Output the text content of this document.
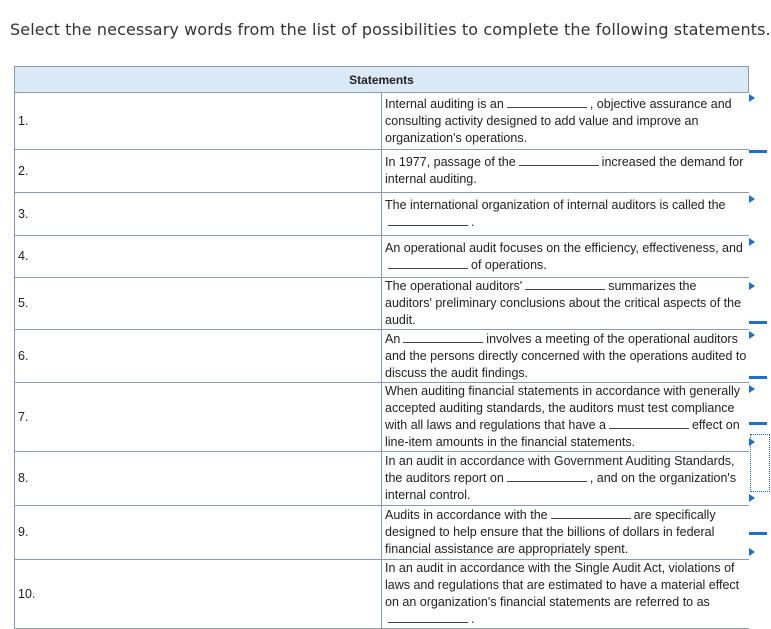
Select the necessary words from the list of possibilities to complete the following statements.
Statements	
1.	Internal auditing is an , objective assurance and consulting activity designed to add value and improve an organization's operations.
2.	In 1977, passage of the increased the demand for internal auditing.
3.	The international organization of internal auditors is called the.
4.	An operational audit focuses on the efficiency, effectiveness, andof operations.
5.	The operational auditors' summarizes the auditors' preliminary conclusions about the critical aspects of the audit.
6.	An involves a meeting of the operational auditors and the persons directly concerned with the operations audited to discuss the audit findings.
7.	When auditing financial statements in accordance with generally accepted auditing standards, the auditors must test compliance with all laws and regulations that have a effect on line-item amounts in the financial statements.
8.	In an audit in accordance with Government Auditing Standards, the auditors report on , and on the organization's internal control.
9.	Audits in accordance with the are specifically designed to help ensure that the billions of dollars in federal financial assistance are appropriately spent.
10.	In an audit in accordance with the Single Audit Act, violations of laws and regulations that are estimated to have a material effect on an organization's financial statements are referred to as.
